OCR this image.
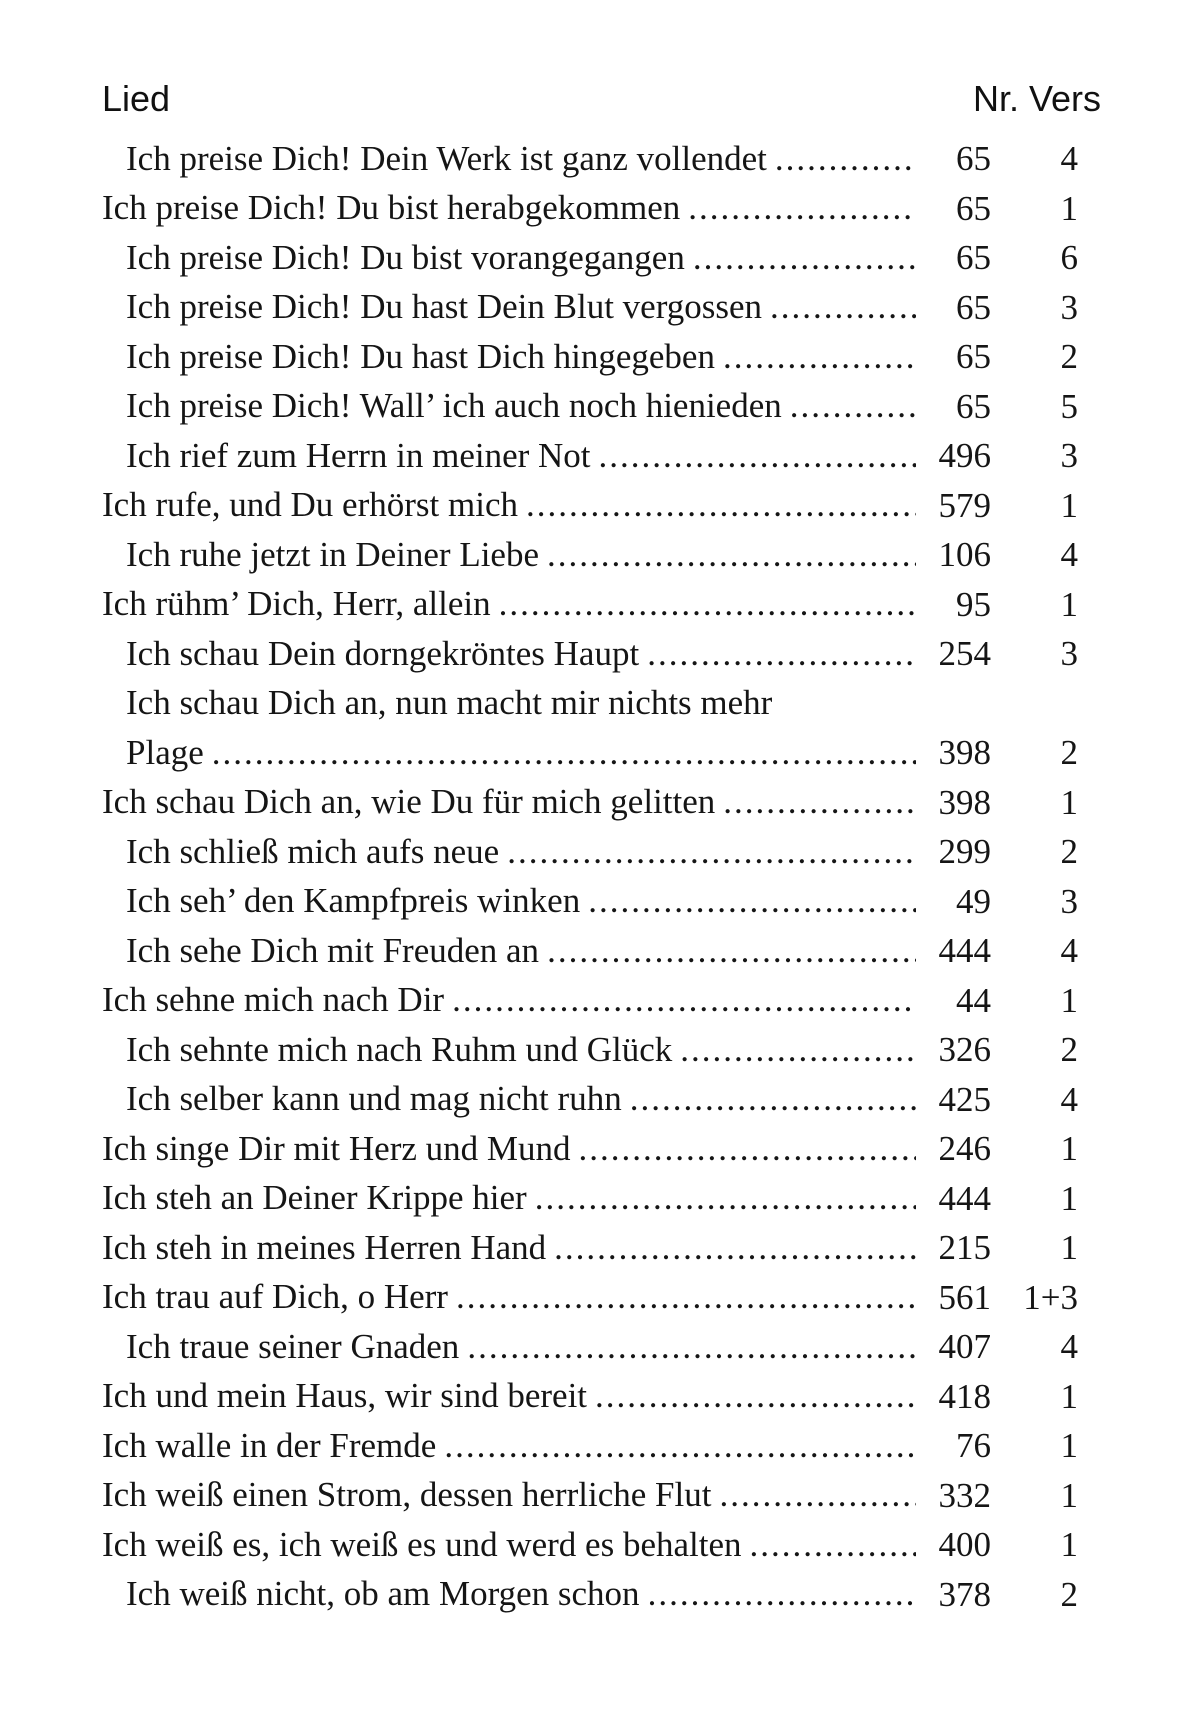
Lied	Nr. Vers
Ich preise Dich! Dein Werk ist ganz vollendet .....	65	4
Ich preise Dich! Du bist herabgekommen .....	65	1
Ich preise Dich! Du bist vorangegangen .....	65	6
Ich preise Dich! Du hast Dein Blut vergossen .....	65	3
Ich preise Dich! Du hast Dich hingegeben .....	65	2
Ich preise Dich! Wall’ ich auch noch hienieden .....	65	5
Ich rief zum Herrn in meiner Not .....	496	3
Ich rufe, und Du erhörst mich .....	579	1
Ich ruhe jetzt in Deiner Liebe .....	106	4
Ich rühm’ Dich, Herr, allein .....	95	1
Ich schau Dein dorngekröntes Haupt .....	254	3
Ich schau Dich an, nun macht mir nichts mehr
Plage .....	398	2
Ich schau Dich an, wie Du für mich gelitten .....	398	1
Ich schließ mich aufs neue .....	299	2
Ich seh’ den Kampfpreis winken .....	49	3
Ich sehe Dich mit Freuden an .....	444	4
Ich sehne mich nach Dir .....	44	1
Ich sehnte mich nach Ruhm und Glück .....	326	2
Ich selber kann und mag nicht ruhn .....	425	4
Ich singe Dir mit Herz und Mund .....	246	1
Ich steh an Deiner Krippe hier .....	444	1
Ich steh in meines Herren Hand .....	215	1
Ich trau auf Dich, o Herr .....	561 1+3
Ich traue seiner Gnaden .....	407	4
Ich und mein Haus, wir sind bereit .....	418	1
Ich walle in der Fremde .....	76	1
Ich weiß einen Strom, dessen herrliche Flut .....	332	1
Ich weiß es, ich weiß es und werd es behalten .....	400	1
Ich weiß nicht, ob am Morgen schon .....	378	2
